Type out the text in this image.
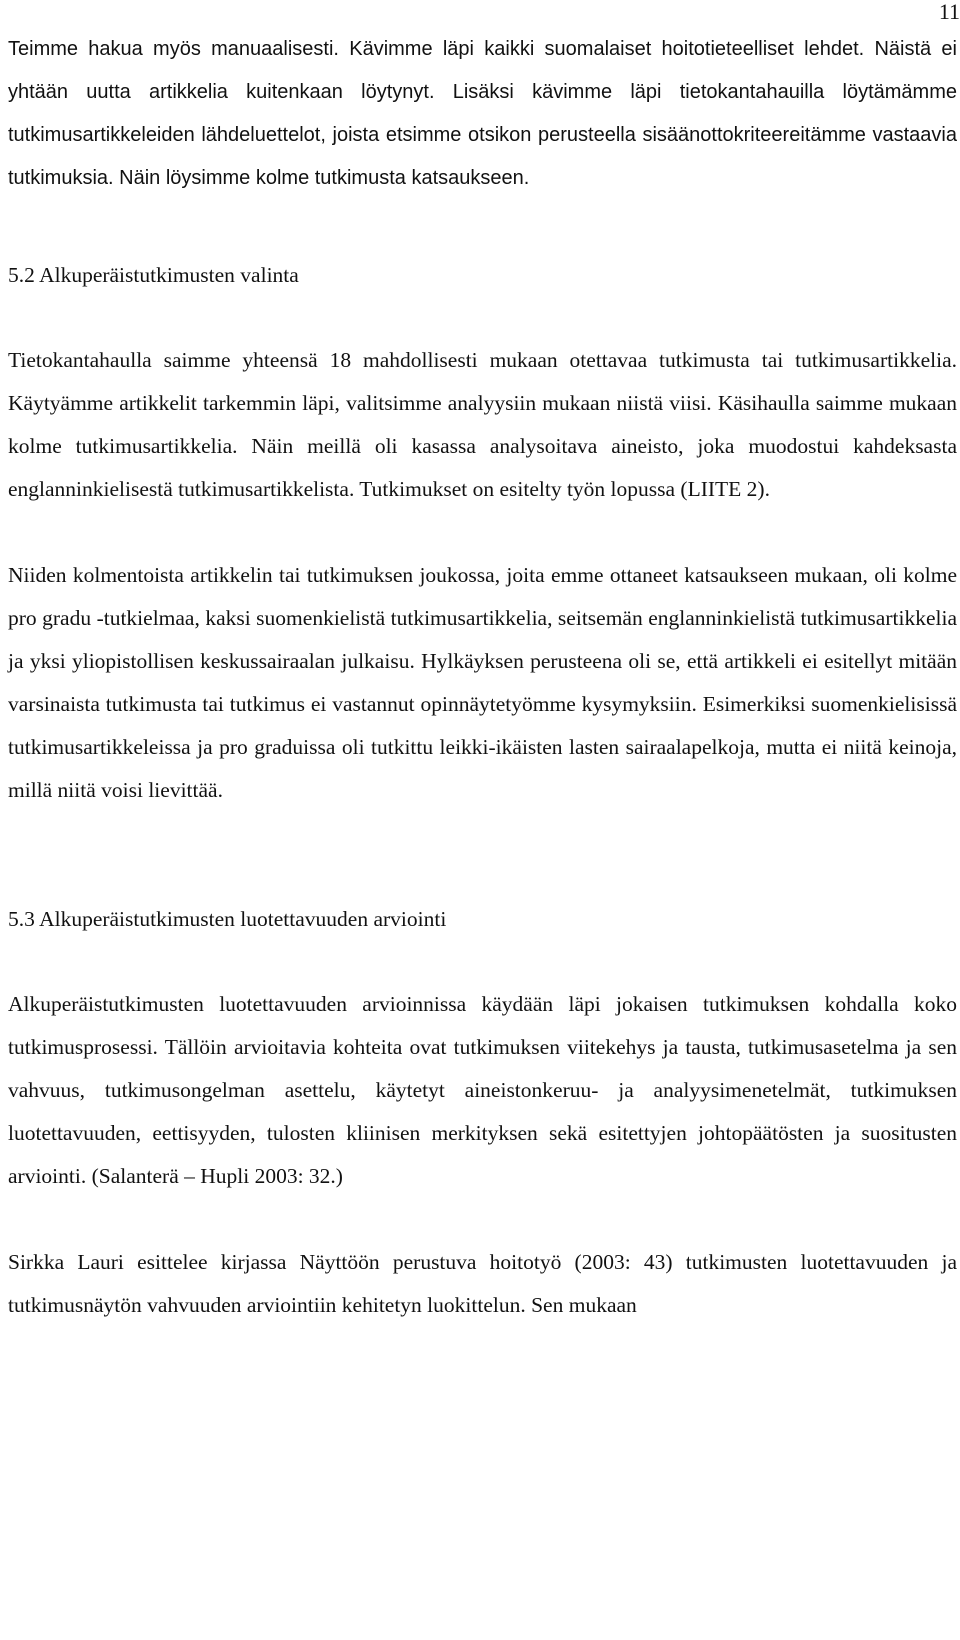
11

Teimme hakua myös manuaalisesti. Kävimme läpi kaikki suomalaiset hoitotieteelliset lehdet. Näistä ei yhtään uutta artikkelia kuitenkaan löytynyt. Lisäksi kävimme läpi tietokantahauilla löytämämme tutkimusartikkeleiden lähdeluettelot, joista etsimme otsikon perusteella sisäänottokriteereitämme vastaavia tutkimuksia. Näin löysimme kolme tutkimusta katsaukseen.

5.2 Alkuperäistutkimusten valinta

Tietokantahaulla saimme yhteensä 18 mahdollisesti mukaan otettavaa tutkimusta tai tutkimusartikkelia. Käytyämme artikkelit tarkemmin läpi, valitsimme analyysiin mukaan niistä viisi. Käsihaulla saimme mukaan kolme tutkimusartikkelia. Näin meillä oli kasassa analysoitava aineisto, joka muodostui kahdeksasta englanninkielisestä tutkimusartikkelista. Tutkimukset on esitelty työn lopussa (LIITE 2).

Niiden kolmentoista artikkelin tai tutkimuksen joukossa, joita emme ottaneet katsaukseen mukaan, oli kolme pro gradu -tutkielmaa, kaksi suomenkielistä tutkimusartikkelia, seitsemän englanninkielistä tutkimusartikkelia ja yksi yliopistollisen keskussairaalan julkaisu. Hylkäyksen perusteena oli se, että artikkeli ei esitellyt mitään varsinaista tutkimusta tai tutkimus ei vastannut opinnäytetyömme kysymyksiin. Esimerkiksi suomenkielisissä tutkimusartikkeleissa ja pro graduissa oli tutkittu leikki-ikäisten lasten sairaalapelkoja, mutta ei niitä keinoja, millä niitä voisi lievittää.

5.3 Alkuperäistutkimusten luotettavuuden arviointi

Alkuperäistutkimusten luotettavuuden arvioinnissa käydään läpi jokaisen tutkimuksen kohdalla koko tutkimusprosessi. Tällöin arvioitavia kohteita ovat tutkimuksen viitekehys ja tausta, tutkimusasetelma ja sen vahvuus, tutkimusongelman asettelu, käytetyt aineistonkeruu- ja analyysimenetelmät, tutkimuksen luotettavuuden, eettisyyden, tulosten kliinisen merkityksen sekä esitettyjen johtopäätösten ja suositusten arviointi. (Salanterä – Hupli 2003: 32.)

Sirkka Lauri esittelee kirjassa Näyttöön perustuva hoitotyö (2003: 43) tutkimusten luotettavuuden ja tutkimusnäytön vahvuuden arviointiin kehitetyn luokittelun. Sen mukaan
